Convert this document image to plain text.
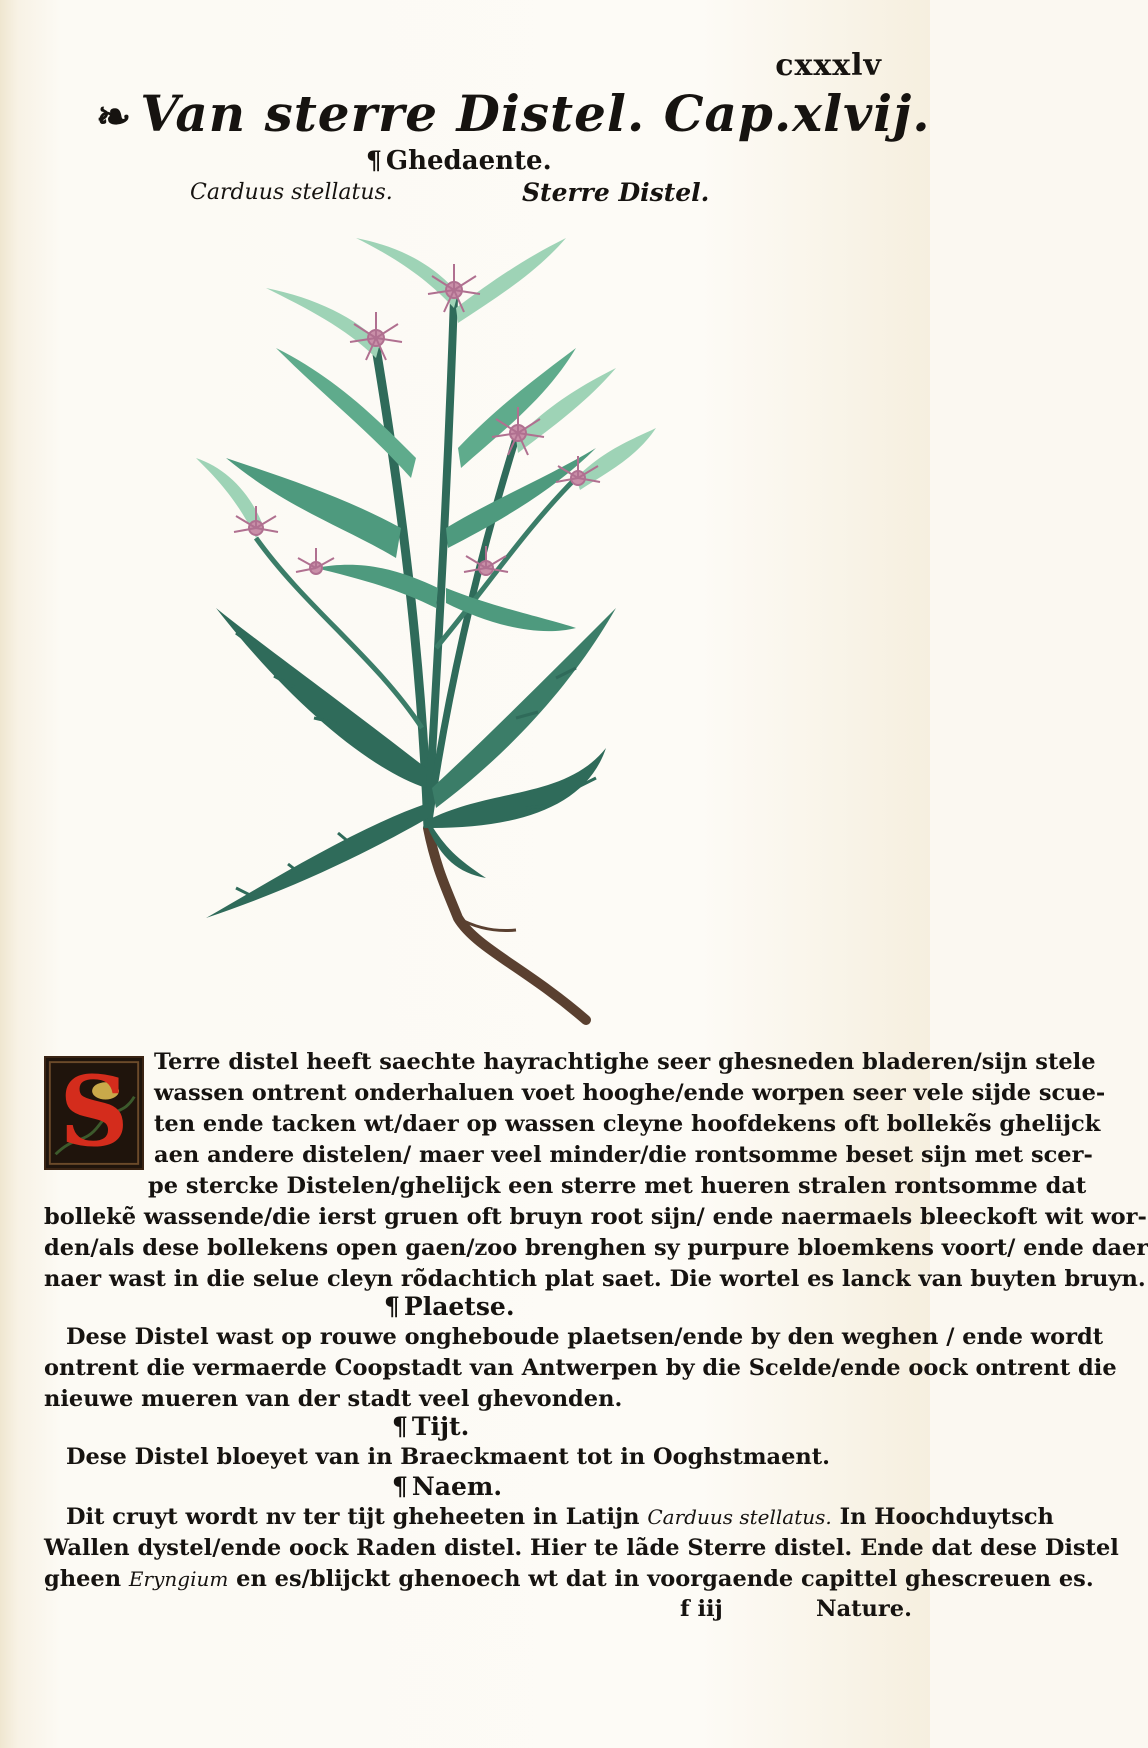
cxxxlv
❧ Van sterre Distel. Cap.xlvij.
¶ Ghedaente.
Carduus stellatus.	Sterre Distel.
S	Terre distel heeft saechte hayrachtighe seer ghesneden bladeren/sijn stele
wassen ontrent onderhaluen voet hooghe/ende worpen seer vele sijde scue-
ten ende tacken wt/daer op wassen cleyne hoofdekens oft bollekẽs ghelijck
aen andere distelen/ maer veel minder/die rontsomme beset sijn met scer-
pe stercke Distelen/ghelijck een sterre met hueren stralen rontsomme dat
bollekẽ wassende/die ierst gruen oft bruyn root sijn/ ende naermaels bleeckoft wit wor-
den/als dese bollekens open gaen/zoo brenghen sy purpure bloemkens voort/ ende daer
naer wast in die selue cleyn rõdachtich plat saet. Die wortel es lanck van buyten bruyn.
¶ Plaetse.
Dese Distel wast op rouwe ongheboude plaetsen/ende by den weghen / ende wordt
ontrent die vermaerde Coopstadt van Antwerpen by die Scelde/ende oock ontrent die
nieuwe mueren van der stadt veel ghevonden.
¶ Tijt.
Dese Distel bloeyet van in Braeckmaent tot in Ooghstmaent.
¶ Naem.
Dit cruyt wordt nv ter tijt gheheeten in Latijn Carduus stellatus. In Hoochduytsch
Wallen dystel/ende oock Raden distel. Hier te lãde Sterre distel. Ende dat dese Distel
gheen Eryngium en es/blijckt ghenoech wt dat in voorgaende capittel ghescreuen es.
f iij	Nature.
